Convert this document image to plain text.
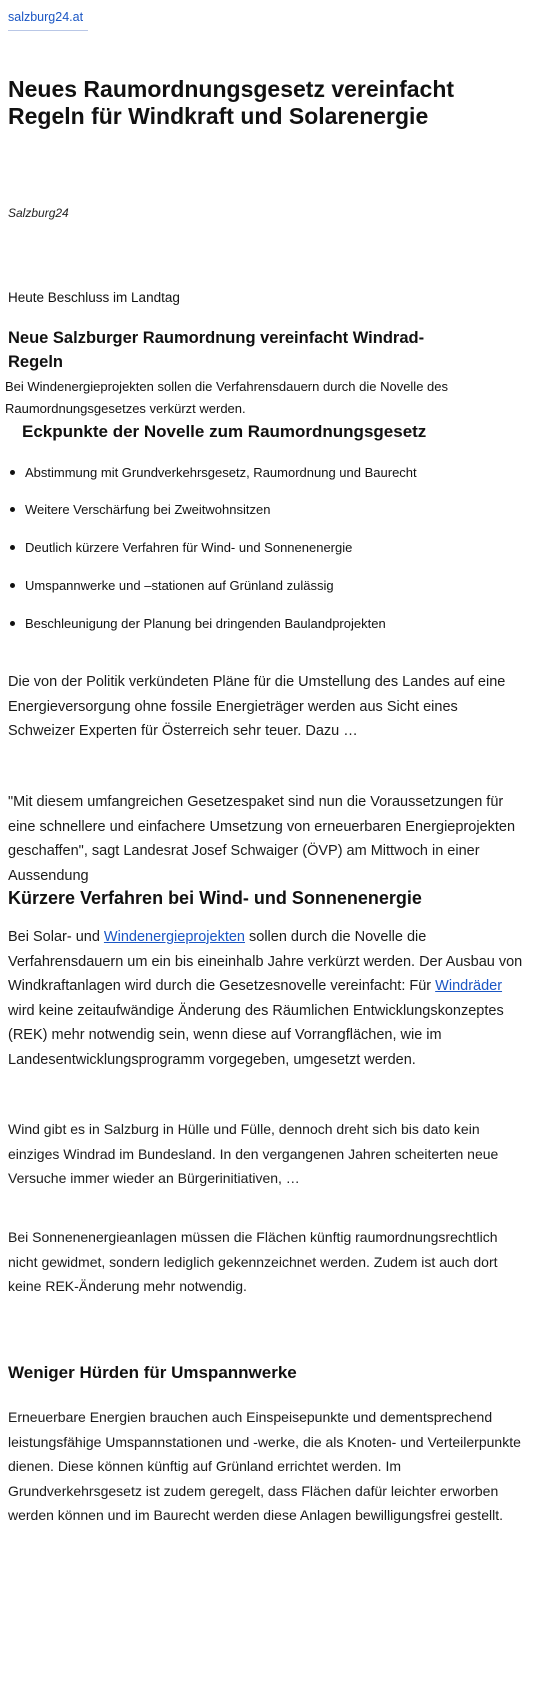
salzburg24.at
Neues Raumordnungsgesetz vereinfacht Regeln für Windkraft und Solarenergie
Salzburg24
Heute Beschluss im Landtag
Neue Salzburger Raumordnung vereinfacht Windrad-Regeln

Bei Windenergieprojekten sollen die Verfahrensdauern durch die Novelle des Raumordnungsgesetzes verkürzt werden.

Eckpunkte der Novelle zum Raumordnungsgesetz
Abstimmung mit Grundverkehrsgesetz, Raumordnung und Baurecht
Weitere Verschärfung bei Zweitwohnsitzen
Deutlich kürzere Verfahren für Wind- und Sonnenenergie
Umspannwerke und –stationen auf Grünland zulässig
Beschleunigung der Planung bei dringenden Baulandprojekten

Die von der Politik verkündeten Pläne für die Umstellung des Landes auf eine Energieversorgung ohne fossile Energieträger werden aus Sicht eines Schweizer Experten für Österreich sehr teuer. Dazu …

"Mit diesem umfangreichen Gesetzespaket sind nun die Voraussetzungen für eine schnellere und einfachere Umsetzung von erneuerbaren Energieprojekten geschaffen", sagt Landesrat Josef Schwaiger (ÖVP) am Mittwoch in einer Aussendung

Kürzere Verfahren bei Wind- und Sonnenenergie

Bei Solar- und Windenergieprojekten sollen durch die Novelle die Verfahrensdauern um ein bis eineinhalb Jahre verkürzt werden. Der Ausbau von Windkraftanlagen wird durch die Gesetzesnovelle vereinfacht: Für Windräder wird keine zeitaufwändige Änderung des Räumlichen Entwicklungskonzeptes (REK) mehr notwendig sein, wenn diese auf Vorrangflächen, wie im Landesentwicklungsprogramm vorgegeben, umgesetzt werden.

Wind gibt es in Salzburg in Hülle und Fülle, dennoch dreht sich bis dato kein einziges Windrad im Bundesland. In den vergangenen Jahren scheiterten neue Versuche immer wieder an Bürgerinitiativen, …

Bei Sonnenenergieanlagen müssen die Flächen künftig raumordnungsrechtlich nicht gewidmet, sondern lediglich gekennzeichnet werden. Zudem ist auch dort keine REK-Änderung mehr notwendig.

Weniger Hürden für Umspannwerke

Erneuerbare Energien brauchen auch Einspeisepunkte und dementsprechend leistungsfähige Umspannstationen und -werke, die als Knoten- und Verteilerpunkte dienen. Diese können künftig auf Grünland errichtet werden. Im Grundverkehrsgesetz ist zudem geregelt, dass Flächen dafür leichter erworben werden können und im Baurecht werden diese Anlagen bewilligungsfrei gestellt.
